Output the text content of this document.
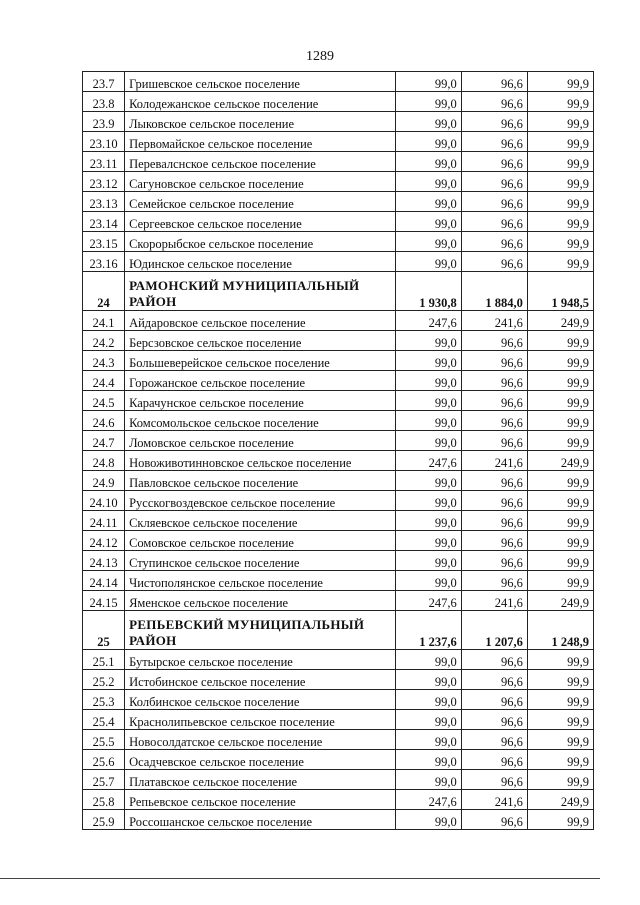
1289
23.7	Гришевское сельское поселение	99,0	96,6	99,9
23.8	Колодежанское сельское поселение	99,0	96,6	99,9
23.9	Лыковское сельское поселение	99,0	96,6	99,9
23.10	Первомайское сельское поселение	99,0	96,6	99,9
23.11	Перевалснское сельское поселение	99,0	96,6	99,9
23.12	Сагуновское сельское поселение	99,0	96,6	99,9
23.13	Семейское сельское поселение	99,0	96,6	99,9
23.14	Сергеевское сельское поселение	99,0	96,6	99,9
23.15	Скорорыбское сельское поселение	99,0	96,6	99,9
23.16	Юдинское сельское поселение	99,0	96,6	99,9
24	РАМОНСКИЙ МУНИЦИПАЛЬНЫЙ РАЙОН	1 930,8	1 884,0	1 948,5
24.1	Айдаровское сельское поселение	247,6	241,6	249,9
24.2	Берсзовское сельское поселение	99,0	96,6	99,9
24.3	Большеверейское сельское поселение	99,0	96,6	99,9
24.4	Горожанское сельское поселение	99,0	96,6	99,9
24.5	Карачунское сельское поселение	99,0	96,6	99,9
24.6	Комсомольское сельское поселение	99,0	96,6	99,9
24.7	Ломовское сельское поселение	99,0	96,6	99,9
24.8	Новоживотинновское сельское поселение	247,6	241,6	249,9
24.9	Павловское сельское поселение	99,0	96,6	99,9
24.10	Русскогвоздевское сельское поселение	99,0	96,6	99,9
24.11	Скляевское сельское поселение	99,0	96,6	99,9
24.12	Сомовское сельское поселение	99,0	96,6	99,9
24.13	Ступинское сельское поселение	99,0	96,6	99,9
24.14	Чистополянское сельское поселение	99,0	96,6	99,9
24.15	Яменское сельское поселение	247,6	241,6	249,9
25	РЕПЬЕВСКИЙ МУНИЦИПАЛЬНЫЙ РАЙОН	1 237,6	1 207,6	1 248,9
25.1	Бутырское сельское поселение	99,0	96,6	99,9
25.2	Истобинское сельское поселение	99,0	96,6	99,9
25.3	Колбинское сельское поселение	99,0	96,6	99,9
25.4	Краснолипьевское сельское поселение	99,0	96,6	99,9
25.5	Новосолдатское сельское поселение	99,0	96,6	99,9
25.6	Осадчевское сельское поселение	99,0	96,6	99,9
25.7	Платавское сельское поселение	99,0	96,6	99,9
25.8	Репьевское сельское поселение	247,6	241,6	249,9
25.9	Россошанское сельское поселение	99,0	96,6	99,9
